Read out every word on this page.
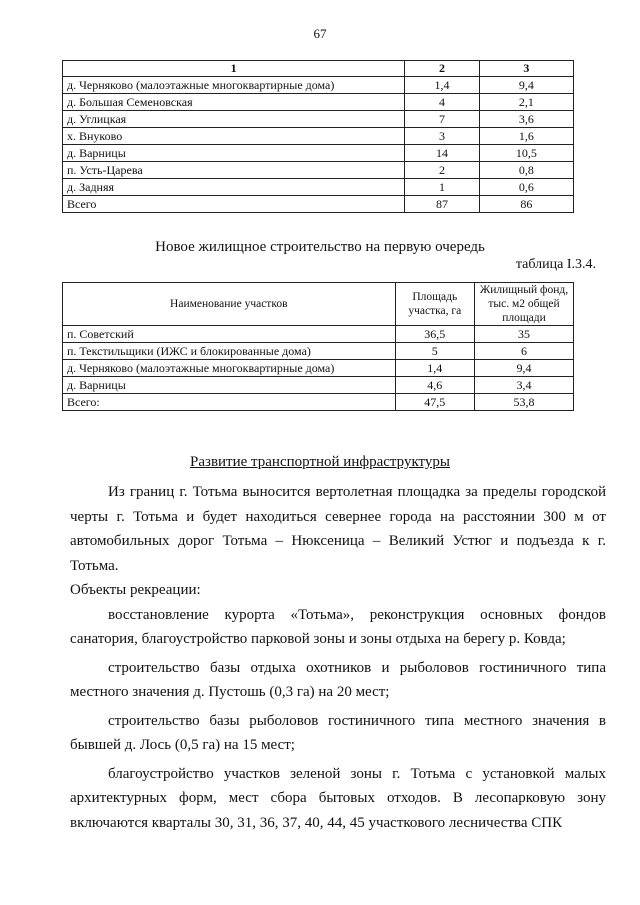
67
1	2	3
д. Черняково (малоэтажные многоквартирные дома)	1,4	9,4
д. Большая Семеновская	4	2,1
д. Углицкая	7	3,6
х. Внуково	3	1,6
д. Варницы	14	10,5
п. Усть-Царева	2	0,8
д. Задняя	1	0,6
Всего	87	86
Новое жилищное строительство на первую очередь
таблица I.3.4.
Наименование участков	Площадь участка, га	Жилищный фонд, тыс. м2 общей площади
п. Советский	36,5	35
п. Текстильщики (ИЖС и блокированные дома)	5	6
д. Черняково (малоэтажные многоквартирные дома)	1,4	9,4
д. Варницы	4,6	3,4
Всего:	47,5	53,8
Развитие транспортной инфраструктуры

Из границ г. Тотьма выносится вертолетная площадка за пределы городской черты г. Тотьма и будет находиться севернее города на расстоянии 300 м от автомобильных дорог Тотьма – Нюксеница – Великий Устюг и подъезда к г. Тотьма.

Объекты рекреации:

восстановление курорта «Тотьма», реконструкция основных фондов санатория, благоустройство парковой зоны и зоны отдыха на берегу р. Ковда;

строительство базы отдыха охотников и рыболовов гостиничного типа местного значения д. Пустошь (0,3 га) на 20 мест;

строительство базы рыболовов гостиничного типа местного значения в бывшей д. Лось (0,5 га) на 15 мест;

благоустройство участков зеленой зоны г. Тотьма с установкой малых архитектурных форм, мест сбора бытовых отходов. В лесопарковую зону включаются кварталы 30, 31, 36, 37, 40, 44, 45 участкового лесничества СПК
